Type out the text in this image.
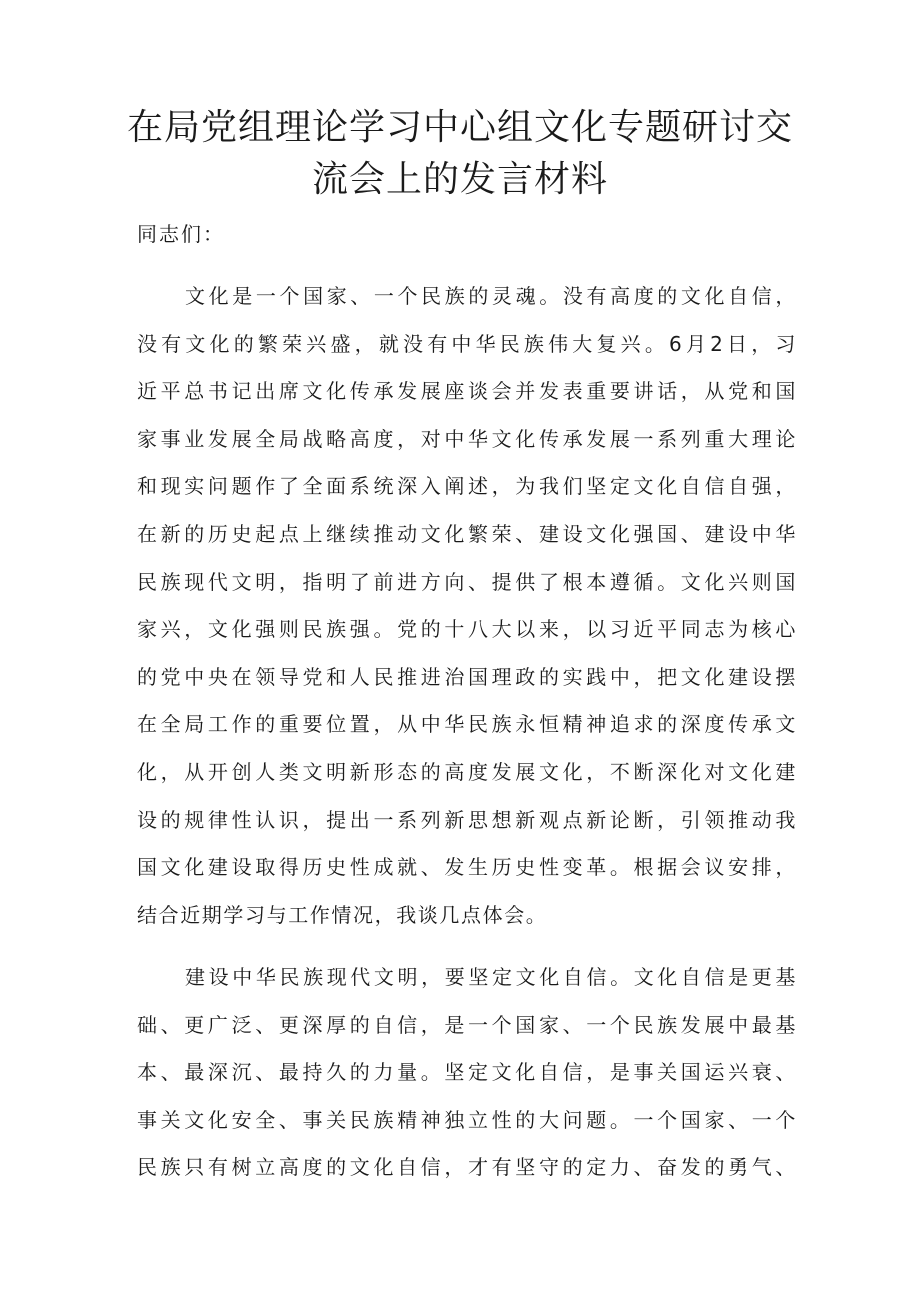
在局党组理论学习中心组文化专题研讨交
流会上的发言材料

同志们：

文化是一个国家、一个民族的灵魂。没有高度的文化自信，
没有文化的繁荣兴盛，就没有中华民族伟大复兴。6月2日，习
近平总书记出席文化传承发展座谈会并发表重要讲话，从党和国
家事业发展全局战略高度，对中华文化传承发展一系列重大理论
和现实问题作了全面系统深入阐述，为我们坚定文化自信自强，
在新的历史起点上继续推动文化繁荣、建设文化强国、建设中华
民族现代文明，指明了前进方向、提供了根本遵循。文化兴则国
家兴，文化强则民族强。党的十八大以来，以习近平同志为核心
的党中央在领导党和人民推进治国理政的实践中，把文化建设摆
在全局工作的重要位置，从中华民族永恒精神追求的深度传承文
化，从开创人类文明新形态的高度发展文化，不断深化对文化建
设的规律性认识，提出一系列新思想新观点新论断，引领推动我
国文化建设取得历史性成就、发生历史性变革。根据会议安排，
结合近期学习与工作情况，我谈几点体会。
建设中华民族现代文明，要坚定文化自信。文化自信是更基
础、更广泛、更深厚的自信，是一个国家、一个民族发展中最基
本、最深沉、最持久的力量。坚定文化自信，是事关国运兴衰、
事关文化安全、事关民族精神独立性的大问题。一个国家、一个
民族只有树立高度的文化自信，才有坚守的定力、奋发的勇气、
